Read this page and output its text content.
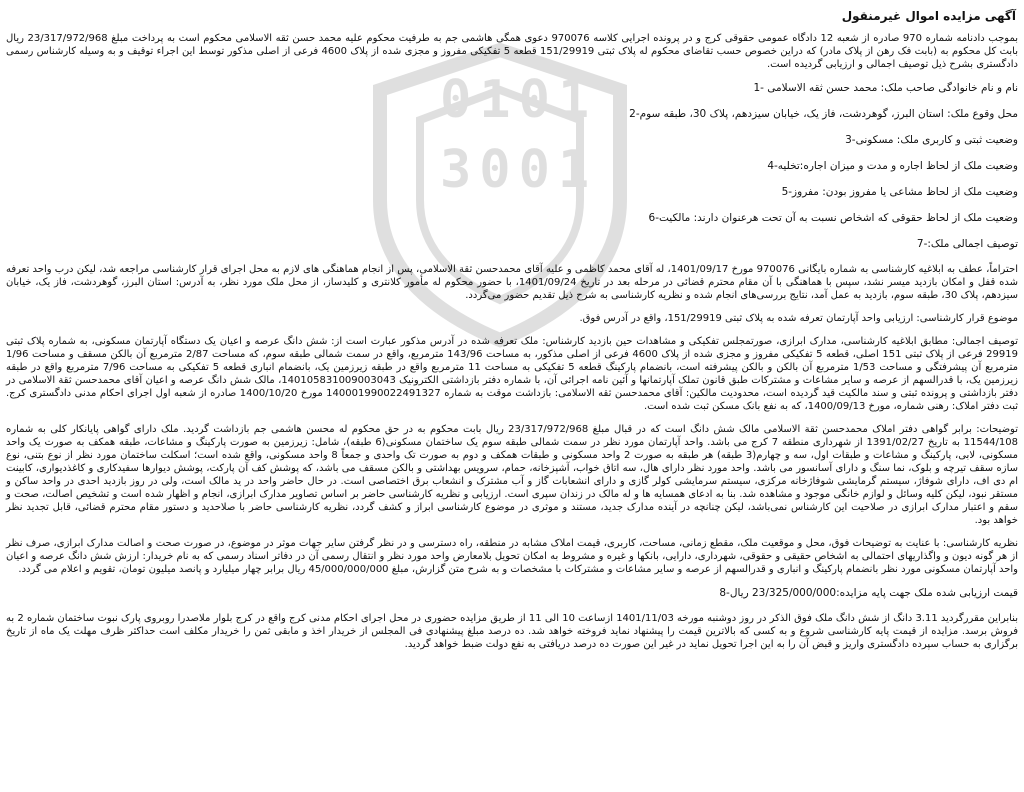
آگهی مزایده اموال غیرمنقول
بموجب دادنامه شماره 970 صادره از شعبه 12 دادگاه عمومی حقوقی کرج و در پرونده اجرایی کلاسه 970076 دعوی همگی هاشمی جم به طرفیت محکوم علیه محمد حسن ثقه الاسلامی محکوم است به پرداخت مبلغ 23/317/972/968 ریال بابت کل محکوم به (بابت فک رهن از پلاک مادر) که دراین خصوص حسب تقاضای محکوم له پلاک ثبتی 151/29919 قطعه 5 تفکیکی مفروز و مجزی شده از پلاک 4600 فرعی از اصلی مذکور توسط این اجراء توقیف و به وسیله کارشناس رسمی دادگستری بشرح ذیل توصیف اجمالی و ارزیابی گردیده است.
نام و نام خانوادگی صاحب ملک: محمد حسن ثقه الاسلامی -1
محل وقوع ملک: استان البرز، گوهردشت، فاز یک، خیابان سیزدهم، پلاک 30، طبقه سوم-2
وضعیت ثبتی و کاربری ملک: مسکونی-3
وضعیت ملک از لحاظ اجاره و مدت و میزان اجاره:تخلیه-4
وضعیت ملک از لحاظ مشاعی یا مفروز بودن: مفروز-5
وضعیت ملک از لحاظ حقوقی که اشخاص نسبت به آن تحت هرعنوان دارند: مالکیت-6
توصیف اجمالی ملک:-7
احتراماً، عطف به ابلاغیه کارشناسی به شماره بایگانی 970076 مورخ 1401/09/17، له آقای محمد کاظمی و علیه آقای محمدحسن ثقة الاسلامی، پس از انجام هماهنگی های لازم به محل اجرای قرار کارشناسی مراجعه شد، لیکن درب واحد تعرفه شده قفل و امکان بازدید میسر نشد، سپس با هماهنگی با آن مقام محترم قضائی در مرحله بعد در تاریخ 1401/09/24، با حضور محکوم له مأمور کلانتری و کلیدساز، از محل ملک مورد نظر، به آدرس: استان البرز، گوهردشت، فاز یک، خیابان سیزدهم، پلاک 30، طبقه سوم، بازدید به عمل آمد، نتایج بررسی‌های انجام شده و نظریه کارشناسی به شرح ذیل تقدیم حضور می‌گردد.
موضوع قرار کارشناسی: ارزیابی واحد آپارتمان تعرفه شده به پلاک ثبتی 151/29919، واقع در آدرس فوق.
توصیف اجمالی: مطابق ابلاغیه کارشناسی، مدارک ابرازی، صورتمجلس تفکیکی و مشاهدات حین بازدید کارشناس: ملک تعرفه شده در آدرس مذکور عبارت است از: شش دانگ عرصه و اعیان یک دستگاه آپارتمان مسکونی، به شماره پلاک ثبتی 29919 فرعی از پلاک ثبتی 151 اصلی، قطعه 5 تفکیکی مفروز و مجزی شده از پلاک 4600 فرعی از اصلی مذکور، به مساحت 143/96 مترمربع، واقع در سمت شمالی طبقه سوم، که مساحت 2/87 مترمربع آن بالکن مسقف و مساحت 1/96 مترمربع آن پیشرفتگی و مساحت 1/53 مترمربع آن بالکن و بالکن پیشرفته است، بانضمام پارکینگ قطعه 5 تفکیکی به مساحت 11 مترمربع واقع در طبقه زیرزمین یک، بانضمام انباری قطعه 5 تفکیکی به مساحت 7/96 مترمربع واقع در طبقه زیرزمین یک، با قدرالسهم از عرصه و سایر مشاعات و مشترکات طبق قانون تملک آپارتمانها و آئین نامه اجرائی آن، با شماره دفتر بازداشتی الکترونیک 140105831009003043، مالک شش دانگ عرصه و اعیان آقای محمدحسن ثقة الاسلامی در دفتر بازداشتی و پرونده ثبتی و سند مالکیت قید گردیده است، محدودیت مالکین: آقای محمدحسن ثقه الاسلامی: بازداشت موقت به شماره 140001990022491327 مورخ 1400/10/20 صادره از شعبه اول اجرای احکام مدنی دادگستری کرج. ثبت دفتر املاک: رهنی شماره، مورخ 1400/09/13، که به نفع بانک مسکن ثبت شده است.
توضیحات: برابر گواهی دفتر املاک محمدحسن ثقة الاسلامی مالک شش دانگ است که در قبال مبلغ 23/317/972/968 ریال بابت محکوم به در حق محکوم له محسن هاشمی جم بازداشت گردید. ملک دارای گواهی پایانکار کلی به شماره 11544/108 به تاریخ 1391/02/27 از شهرداری منطقه 7 کرج می باشد. واحد آپارتمان مورد نظر در سمت شمالی طبقه سوم یک ساختمان مسکونی(6 طبقه)، شامل: زیرزمین به صورت پارکینگ و مشاعات، طبقه همکف به صورت یک واحد مسکونی، لابی، پارکینگ و مشاعات و طبقات اول، سه و چهارم(3 طبقه) هر طبقه به صورت 2 واحد مسکونی و طبقات همکف و دوم به صورت تک واحدی و جمعاً 8 واحد مسکونی، واقع شده است؛ اسکلت ساختمان مورد نظر از نوع بتنی، نوع سازه سقف تیرچه و بلوک، نما سنگ و دارای آسانسور می باشد. واحد مورد نظر دارای هال، سه اتاق خواب، آشپزخانه، حمام، سرویس بهداشتی و بالکن مسقف می باشد، که پوشش کف آن پارکت، پوشش دیوارها سفیدکاری و کاغذدیواری، کابینت ام دی اف، دارای شوفاژ، سیستم گرمایشی شوفاژخانه مرکزی، سیستم سرمایشی کولر گازی و دارای انشعابات گاز و آب مشترک و انشعاب برق اختصاصی است. در حال حاضر واحد در ید مالک است، ولی در روز بازدید احدی در واحد ساکن و مستقر نبود، لیکن کلیه وسائل و لوازم خانگی موجود و مشاهده شد. بنا به ادعای همسایه ها و له مالک در زندان سپری است. ارزیابی و نظریه کارشناسی حاضر بر اساس تصاویر مدارک ابرازی، انجام و اظهار شده است و تشخیص اصالت، صحت و سقم و اعتبار مدارک ابرازی در صلاحیت این کارشناس نمی‌باشد، لیکن چنانچه در آینده مدارک جدید، مستند و موثری در موضوع کارشناسی ابراز و کشف گردد، نظریه کارشناسی حاضر با صلاحدید و دستور مقام محترم قضائی، قابل تجدید نظر خواهد بود.
نظریه کارشناسی: با عنایت به توضیحات فوق، محل و موقعیت ملک، مقطع زمانی، مساحت، کاربری، قیمت املاک مشابه در منطقه، راه دسترسی و در نظر گرفتن سایر جهات موثر در موضوع، در صورت صحت و اصالت مدارک ابرازی، صرف نظر از هر گونه دیون و واگذاریهای احتمالی به اشخاص حقیقی و حقوقی، شهرداری، دارایی، بانکها و غیره و مشروط به امکان تحویل بلامعارض واحد مورد نظر و انتقال رسمی آن در دفاتر اسناد رسمی که به نام خریدار: ارزش شش دانگ عرصه و اعیان واحد آپارتمان مسکونی مورد نظر بانضمام پارکینگ و انباری و قدرالسهم از عرصه و سایر مشاعات و مشترکات با مشخصات و به شرح متن گزارش، مبلغ 45/000/000/000 ریال برابر چهار میلیارد و پانصد میلیون تومان، تقویم و اعلام می گردد.
قیمت ارزیابی شده ملک جهت پایه مزایده:23/325/000/000 ریال-8
بنابراین مقررگردید 3.11 دانگ از شش دانگ ملک فوق الذکر در روز دوشنبه مورخه 1401/11/03 ازساعت 10 الی 11 از طریق مزایده حضوری در محل اجرای احکام مدنی کرج واقع در کرج بلوار ملاصدرا روبروی پارک نبوت ساختمان شماره 2 به فروش برسد. مزایده از قیمت پایه کارشناسی شروع و به کسی که بالاترین قیمت را پیشنهاد نماید فروخته خواهد شد. ده درصد مبلغ پیشنهادی فی المجلس از خریدار اخذ و مابقی ثمن را خریدار مکلف است حداکثر ظرف مهلت یک ماه از تاریخ برگزاری به حساب سپرده دادگستری واریز و قبض آن را به این اجرا تحویل نماید در غیر این صورت ده درصد دریافتی به نفع دولت ضبط خواهد گردید.
0101
3001
